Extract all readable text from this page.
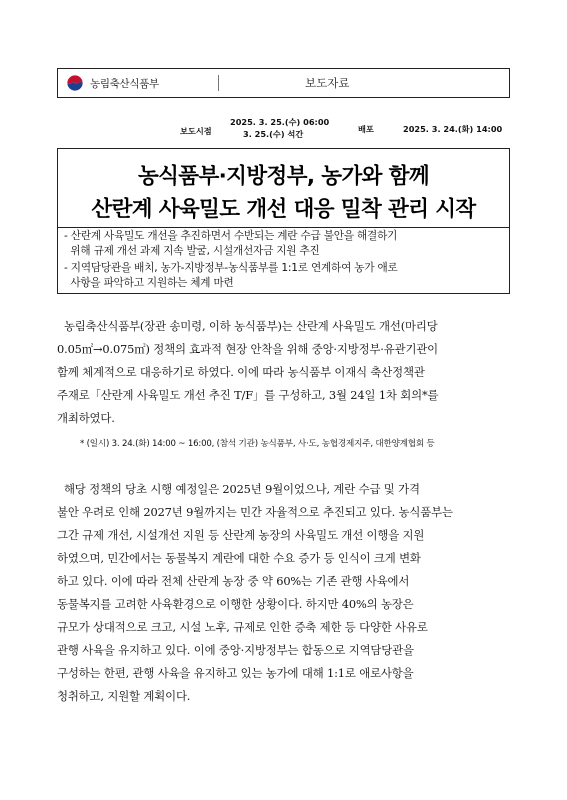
농림축산식품부	보도자료
보도시점
2025. 3. 25.(수) 06:00
3. 25.(수) 석간	배포	2025. 3. 24.(화) 14:00
농식품부·지방정부, 농가와 함께
산란계 사육밀도 개선 대응 밀착 관리 시작
- 산란계 사육밀도 개선을 추진하면서 수반되는 계란 수급 불안을 해결하기
위해 규제 개선 과제 지속 발굴, 시설개선자금 지원 추진
- 지역담당관을 배치, 농가-지방정부-농식품부를 1:1로 연계하여 농가 애로
사항을 파악하고 지원하는 체계 마련
농림축산식품부(장관 송미령, 이하 농식품부)는 산란계 사육밀도 개선(마리당
0.05㎡→0.075㎡) 정책의 효과적 현장 안착을 위해 중앙·지방정부·유관기관이
함께 체계적으로 대응하기로 하였다. 이에 따라 농식품부 이재식 축산정책관
주재로「산란계 사육밀도 개선 추진 T/F」를 구성하고, 3월 24일 1차 회의*를
개최하였다.
* (일시) 3. 24.(화) 14:00 ~ 16:00, (참석 기관) 농식품부, 사·도, 농협경제지주, 대한양계협회 등
해당 정책의 당초 시행 예정일은 2025년 9월이었으나, 계란 수급 및 가격
불안 우려로 인해 2027년 9월까지는 민간 자율적으로 추진되고 있다. 농식품부는
그간 규제 개선, 시설개선 지원 등 산란계 농장의 사육밀도 개선 이행을 지원
하였으며, 민간에서는 동물복지 계란에 대한 수요 증가 등 인식이 크게 변화
하고 있다. 이에 따라 전체 산란계 농장 중 약 60%는 기존 관행 사육에서
동물복지를 고려한 사육환경으로 이행한 상황이다. 하지만 40%의 농장은
규모가 상대적으로 크고, 시설 노후, 규제로 인한 증축 제한 등 다양한 사유로
관행 사육을 유지하고 있다. 이에 중앙·지방정부는 합동으로 지역담당관을
구성하는 한편, 관행 사육을 유지하고 있는 농가에 대해 1:1로 애로사항을
청취하고, 지원할 계획이다.
